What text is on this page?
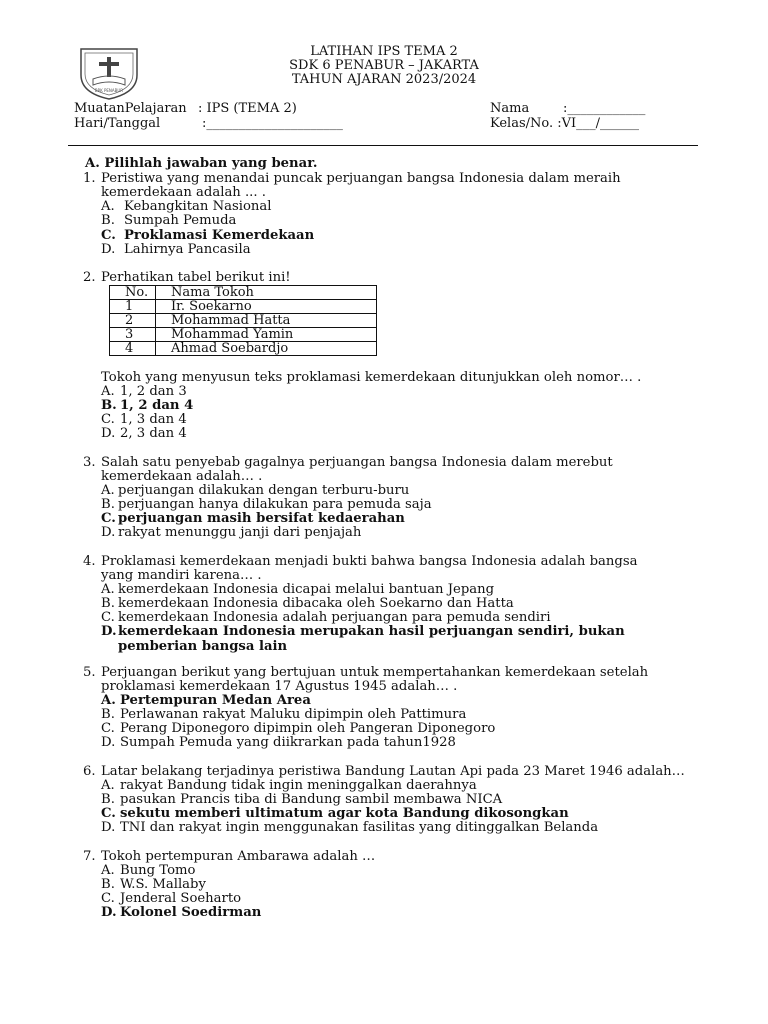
BPK PENABUR
LATIHAN IPS TEMA 2
SDK 6 PENABUR – JAKARTA
TAHUN AJARAN 2023/2024
MuatanPelajaran : IPS (TEMA 2)
Hari/Tanggal	:_____________________
Nama	:____________
Kelas/No. :VI___/______
A. Pilihlah jawaban yang benar.
1. Peristiwa yang menandai puncak perjuangan bangsa Indonesia dalam meraih
kemerdekaan adalah ... .
A. Kebangkitan Nasional
B. Sumpah Pemuda
C. Proklamasi Kemerdekaan
D. Lahirnya Pancasila
2. Perhatikan tabel berikut ini!
No.	Nama Tokoh
1	Ir. Soekarno
2	Mohammad Hatta
3	Mohammad Yamin
4	Ahmad Soebardjo
Tokoh yang menyusun teks proklamasi kemerdekaan ditunjukkan oleh nomor… .
A. 1, 2 dan 3
B. 1, 2 dan 4
C. 1, 3 dan 4
D. 2, 3 dan 4
3. Salah satu penyebab gagalnya perjuangan bangsa Indonesia dalam merebut
kemerdekaan adalah… .
A. perjuangan dilakukan dengan terburu-buru
B. perjuangan hanya dilakukan para pemuda saja
C. perjuangan masih bersifat kedaerahan
D. rakyat menunggu janji dari penjajah
4. Proklamasi kemerdekaan menjadi bukti bahwa bangsa Indonesia adalah bangsa
yang mandiri karena… .
A. kemerdekaan Indonesia dicapai melalui bantuan Jepang
B. kemerdekaan Indonesia dibacaka oleh Soekarno dan Hatta
C. kemerdekaan Indonesia adalah perjuangan para pemuda sendiri
D. kemerdekaan Indonesia merupakan hasil perjuangan sendiri, bukan
pemberian bangsa lain
5. Perjuangan berikut yang bertujuan untuk mempertahankan kemerdekaan setelah
proklamasi kemerdekaan 17 Agustus 1945 adalah… .
A. Pertempuran Medan Area
B. Perlawanan rakyat Maluku dipimpin oleh Pattimura
C. Perang Diponegoro dipimpin oleh Pangeran Diponegoro
D. Sumpah Pemuda yang diikrarkan pada tahun1928
6. Latar belakang terjadinya peristiwa Bandung Lautan Api pada 23 Maret 1946 adalah…
A. rakyat Bandung tidak ingin meninggalkan daerahnya
B. pasukan Prancis tiba di Bandung sambil membawa NICA
C. sekutu memberi ultimatum agar kota Bandung dikosongkan
D. TNI dan rakyat ingin menggunakan fasilitas yang ditinggalkan Belanda
7. Tokoh pertempuran Ambarawa adalah …
A. Bung Tomo
B. W.S. Mallaby
C. Jenderal Soeharto
D. Kolonel Soedirman
